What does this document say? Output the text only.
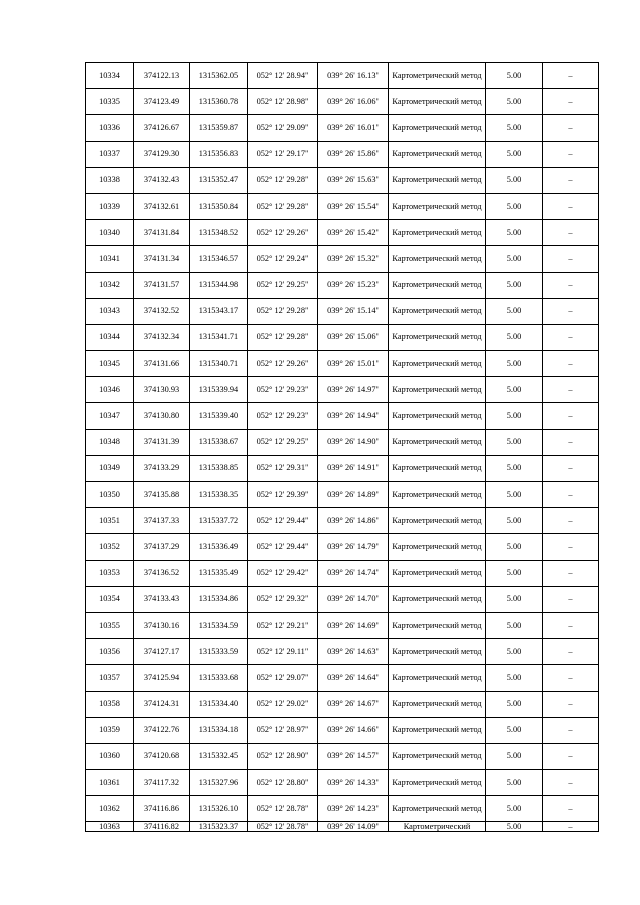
10334	374122.13	1315362.05	052° 12' 28.94"	039° 26' 16.13"	Картометрический метод	5.00	–
10335	374123.49	1315360.78	052° 12' 28.98"	039° 26' 16.06"	Картометрический метод	5.00	–
10336	374126.67	1315359.87	052° 12' 29.09"	039° 26' 16.01"	Картометрический метод	5.00	–
10337	374129.30	1315356.83	052° 12' 29.17"	039° 26' 15.86"	Картометрический метод	5.00	–
10338	374132.43	1315352.47	052° 12' 29.28"	039° 26' 15.63"	Картометрический метод	5.00	–
10339	374132.61	1315350.84	052° 12' 29.28"	039° 26' 15.54"	Картометрический метод	5.00	–
10340	374131.84	1315348.52	052° 12' 29.26"	039° 26' 15.42"	Картометрический метод	5.00	–
10341	374131.34	1315346.57	052° 12' 29.24"	039° 26' 15.32"	Картометрический метод	5.00	–
10342	374131.57	1315344.98	052° 12' 29.25"	039° 26' 15.23"	Картометрический метод	5.00	–
10343	374132.52	1315343.17	052° 12' 29.28"	039° 26' 15.14"	Картометрический метод	5.00	–
10344	374132.34	1315341.71	052° 12' 29.28"	039° 26' 15.06"	Картометрический метод	5.00	–
10345	374131.66	1315340.71	052° 12' 29.26"	039° 26' 15.01"	Картометрический метод	5.00	–
10346	374130.93	1315339.94	052° 12' 29.23"	039° 26' 14.97"	Картометрический метод	5.00	–
10347	374130.80	1315339.40	052° 12' 29.23"	039° 26' 14.94"	Картометрический метод	5.00	–
10348	374131.39	1315338.67	052° 12' 29.25"	039° 26' 14.90"	Картометрический метод	5.00	–
10349	374133.29	1315338.85	052° 12' 29.31"	039° 26' 14.91"	Картометрический метод	5.00	–
10350	374135.88	1315338.35	052° 12' 29.39"	039° 26' 14.89"	Картометрический метод	5.00	–
10351	374137.33	1315337.72	052° 12' 29.44"	039° 26' 14.86"	Картометрический метод	5.00	–
10352	374137.29	1315336.49	052° 12' 29.44"	039° 26' 14.79"	Картометрический метод	5.00	–
10353	374136.52	1315335.49	052° 12' 29.42"	039° 26' 14.74"	Картометрический метод	5.00	–
10354	374133.43	1315334.86	052° 12' 29.32"	039° 26' 14.70"	Картометрический метод	5.00	–
10355	374130.16	1315334.59	052° 12' 29.21"	039° 26' 14.69"	Картометрический метод	5.00	–
10356	374127.17	1315333.59	052° 12' 29.11"	039° 26' 14.63"	Картометрический метод	5.00	–
10357	374125.94	1315333.68	052° 12' 29.07"	039° 26' 14.64"	Картометрический метод	5.00	–
10358	374124.31	1315334.40	052° 12' 29.02"	039° 26' 14.67"	Картометрический метод	5.00	–
10359	374122.76	1315334.18	052° 12' 28.97"	039° 26' 14.66"	Картометрический метод	5.00	–
10360	374120.68	1315332.45	052° 12' 28.90"	039° 26' 14.57"	Картометрический метод	5.00	–
10361	374117.32	1315327.96	052° 12' 28.80"	039° 26' 14.33"	Картометрический метод	5.00	–
10362	374116.86	1315326.10	052° 12' 28.78"	039° 26' 14.23"	Картометрический метод	5.00	–
10363	374116.82	1315323.37	052° 12' 28.78"	039° 26' 14.09"	Картометрический	5.00	–
